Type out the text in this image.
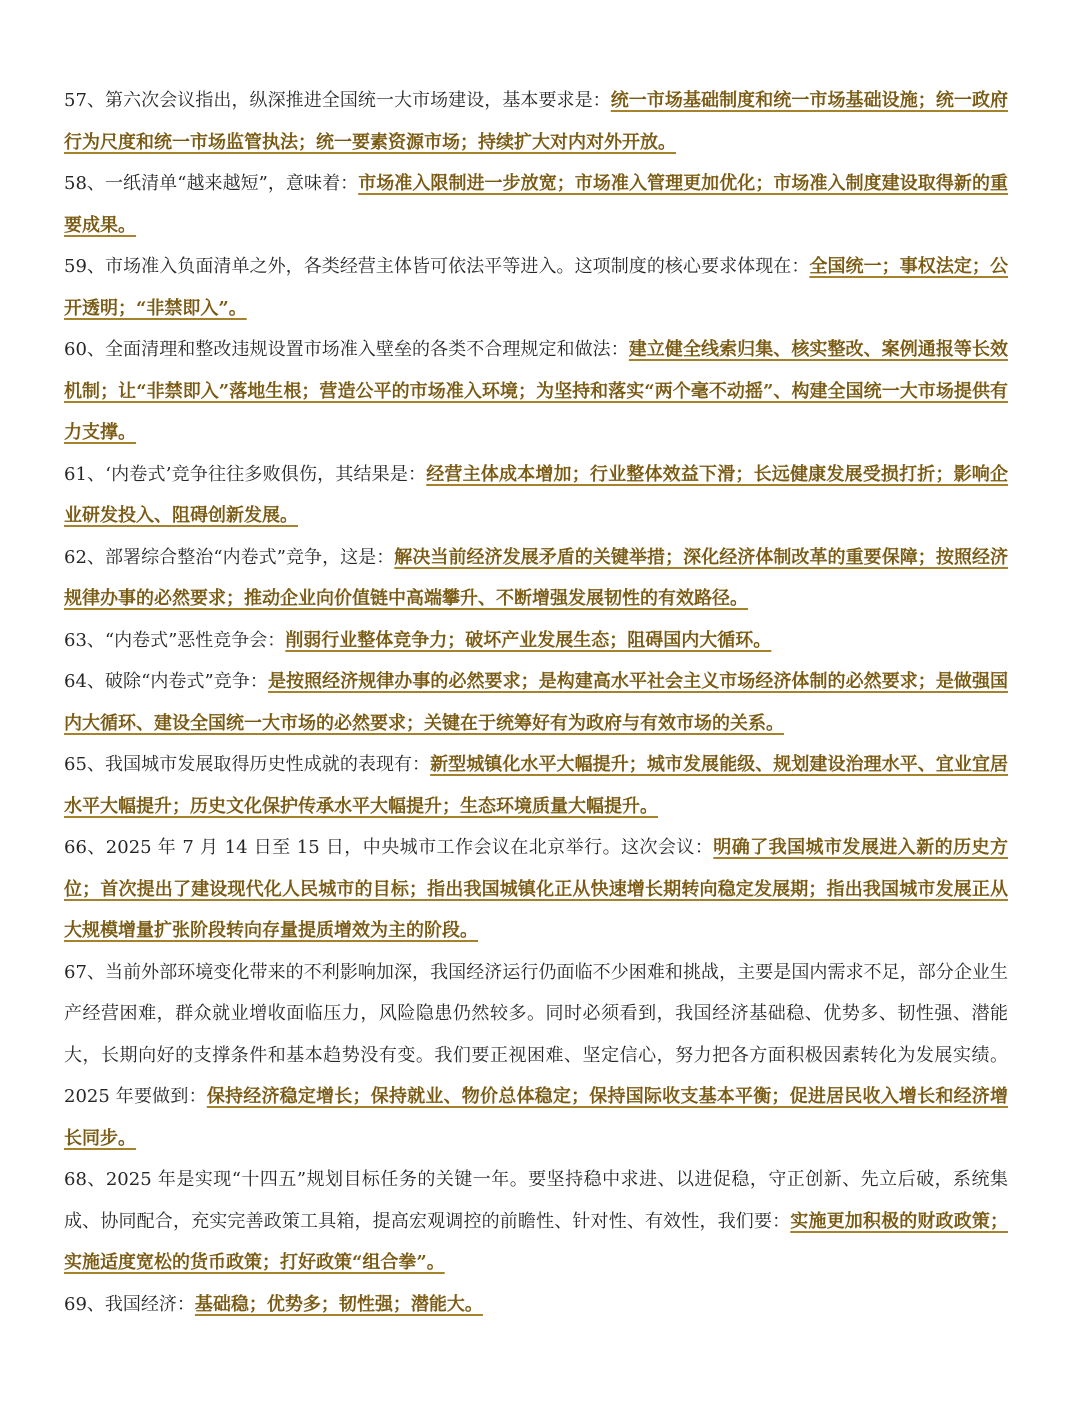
57、第六次会议指出，纵深推进全国统一大市场建设，基本要求是：统一市场基础制度和统一市场基础设施；统一政府行为尺度和统一市场监管执法；统一要素资源市场；持续扩大对内对外开放。

58、一纸清单“越来越短”，意味着：市场准入限制进一步放宽；市场准入管理更加优化；市场准入制度建设取得新的重要成果。

59、市场准入负面清单之外，各类经营主体皆可依法平等进入。这项制度的核心要求体现在：全国统一；事权法定；公开透明；“非禁即入”。

60、全面清理和整改违规设置市场准入壁垒的各类不合理规定和做法：建立健全线索归集、核实整改、案例通报等长效机制；让“非禁即入”落地生根；营造公平的市场准入环境；为坚持和落实“两个毫不动摇”、构建全国统一大市场提供有力支撑。

61、‘内卷式’竞争往往多败俱伤，其结果是：经营主体成本增加；行业整体效益下滑；长远健康发展受损打折；影响企业研发投入、阻碍创新发展。

62、部署综合整治“内卷式”竞争，这是：解决当前经济发展矛盾的关键举措；深化经济体制改革的重要保障；按照经济规律办事的必然要求；推动企业向价值链中高端攀升、不断增强发展韧性的有效路径。

63、“内卷式”恶性竞争会：削弱行业整体竞争力；破坏产业发展生态；阻碍国内大循环。

64、破除“内卷式”竞争：是按照经济规律办事的必然要求；是构建高水平社会主义市场经济体制的必然要求；是做强国内大循环、建设全国统一大市场的必然要求；关键在于统筹好有为政府与有效市场的关系。

65、我国城市发展取得历史性成就的表现有：新型城镇化水平大幅提升；城市发展能级、规划建设治理水平、宜业宜居水平大幅提升；历史文化保护传承水平大幅提升；生态环境质量大幅提升。

66、2025 年 7 月 14 日至 15 日，中央城市工作会议在北京举行。这次会议：明确了我国城市发展进入新的历史方位；首次提出了建设现代化人民城市的目标；指出我国城镇化正从快速增长期转向稳定发展期；指出我国城市发展正从大规模增量扩张阶段转向存量提质增效为主的阶段。

67、当前外部环境变化带来的不利影响加深，我国经济运行仍面临不少困难和挑战，主要是国内需求不足，部分企业生产经营困难，群众就业增收面临压力，风险隐患仍然较多。同时必须看到，我国经济基础稳、优势多、韧性强、潜能大，长期向好的支撑条件和基本趋势没有变。我们要正视困难、坚定信心，努力把各方面积极因素转化为发展实绩。2025 年要做到：保持经济稳定增长；保持就业、物价总体稳定；保持国际收支基本平衡；促进居民收入增长和经济增长同步。

68、2025 年是实现“十四五”规划目标任务的关键一年。要坚持稳中求进、以进促稳，守正创新、先立后破，系统集成、协同配合，充实完善政策工具箱，提高宏观调控的前瞻性、针对性、有效性，我们要：实施更加积极的财政政策；实施适度宽松的货币政策；打好政策“组合拳”。

69、我国经济：基础稳；优势多；韧性强；潜能大。
